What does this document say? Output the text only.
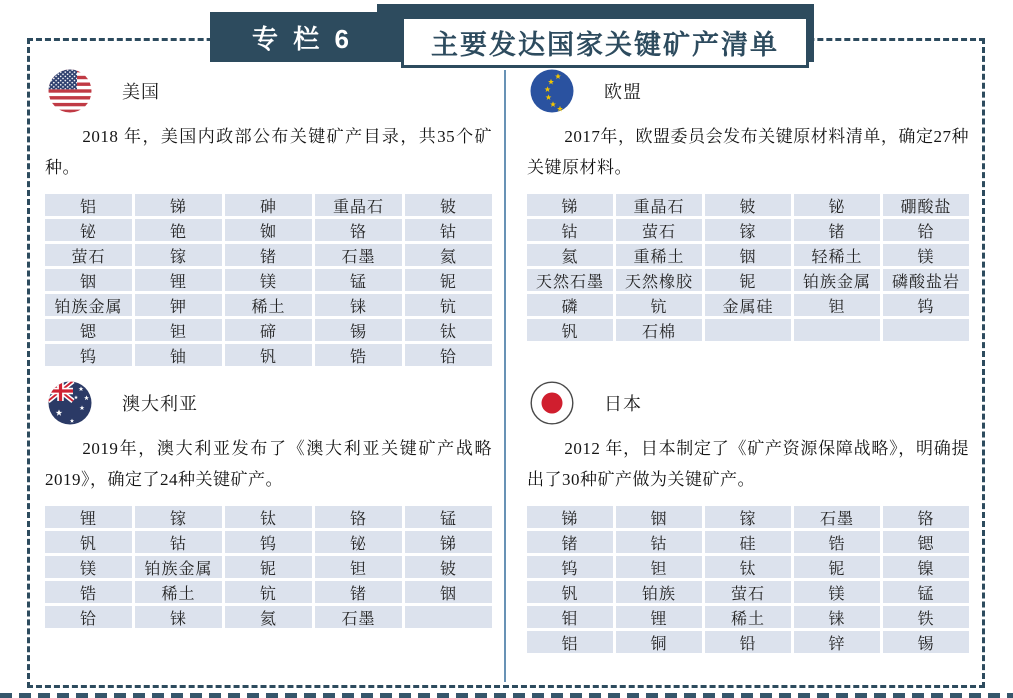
专 栏 6	主要发达国家关键矿产清单
美国

2018 年，美国内政部公布关键矿产目录，共35个矿种。

铝	锑	砷	重晶石	铍
铋	铯	铷	铬	钴
萤石	镓	锗	石墨	氦
铟	锂	镁	锰	铌
铂族金属	钾	稀土	铼	钪
锶	钽	碲	锡	钛
钨	铀	钒	锆	铪
欧盟

2017年，欧盟委员会发布关键原材料清单，确定27种关键原材料。

锑	重晶石	铍	铋	硼酸盐
钴	萤石	镓	锗	铪
氦	重稀土	铟	轻稀土	镁
天然石墨	天然橡胶	铌	铂族金属	磷酸盐岩
磷	钪	金属硅	钽	钨
钒	石棉
澳大利亚

2019年，澳大利亚发布了《澳大利亚关键矿产战略2019》，确定了24种关键矿产。

锂	镓	钛	铬	锰
钒	钴	钨	铋	锑
镁	铂族金属	铌	钽	铍
锆	稀土	钪	锗	铟
铪	铼	氦	石墨
日本

2012 年，日本制定了《矿产资源保障战略》，明确提出了30种矿产做为关键矿产。

锑	铟	镓	石墨	铬
锗	钴	硅	锆	锶
钨	钽	钛	铌	镍
钒	铂族	萤石	镁	锰
钼	锂	稀土	铼	铁
铝	铜	铅	锌	锡
